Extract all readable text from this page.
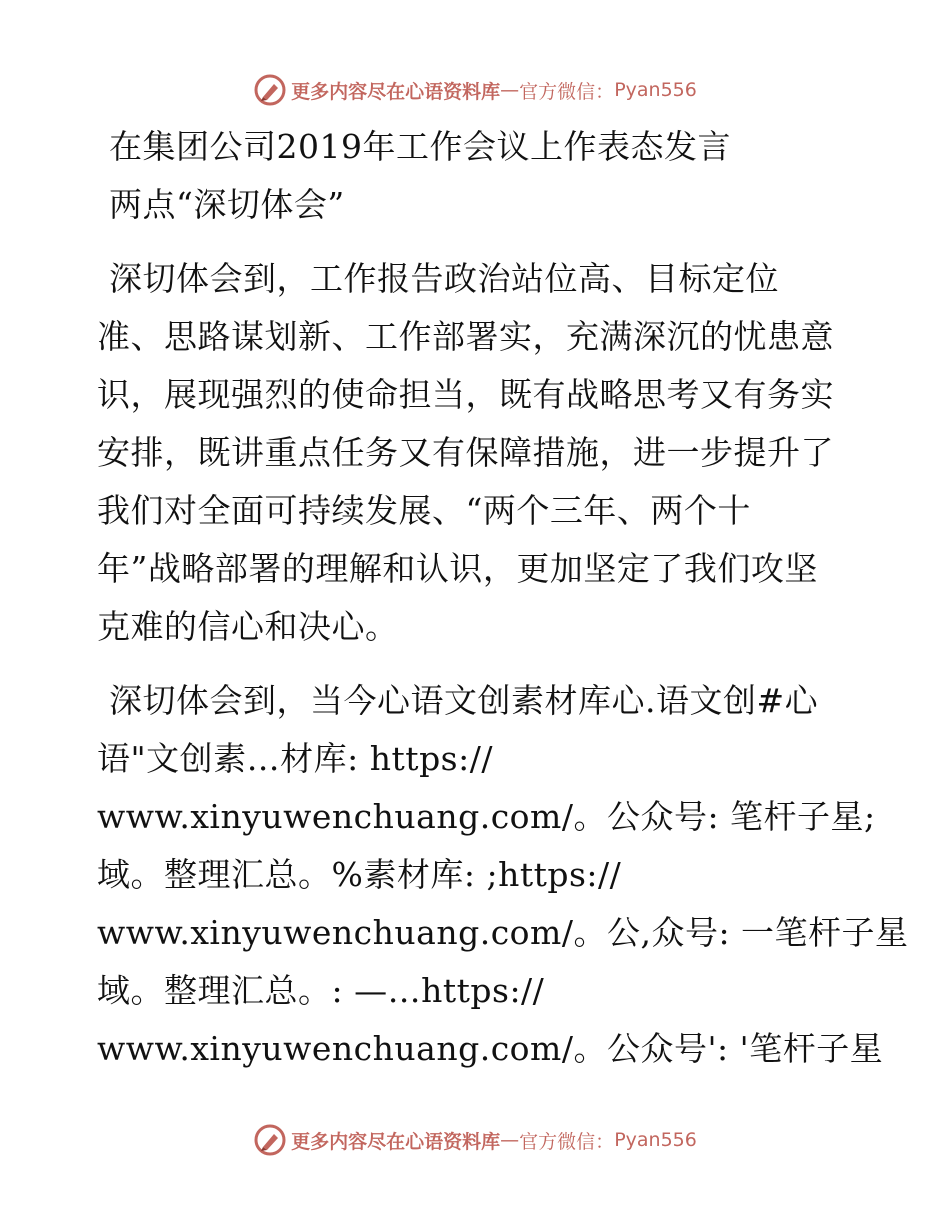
更多内容尽在心语资料库 — 官方微信： Pyan556
在集团公司2019年工作会议上作表态发言
两点“深切体会”
深切体会到，工作报告政治站位高、目标定位
准、思路谋划新、工作部署实，充满深沉的忧患意
识，展现强烈的使命担当，既有战略思考又有务实
安排，既讲重点任务又有保障措施，进一步提升了
我们对全面可持续发展、“两个三年、两个十
年”战略部署的理解和认识，更加坚定了我们攻坚
克难的信心和决心。
深切体会到，当今心语文创素材库心.语文创#心
语"文创素…材库: https://
www.xinyuwenchuang.com/。公众号: 笔杆子星;
域。整理汇总。%素材库: ;https://
www.xinyuwenchuang.com/。公,众号: 一笔杆子星
域。整理汇总。: —…https://
www.xinyuwenchuang.com/。公众号': '笔杆子星
更多内容尽在心语资料库 — 官方微信： Pyan556
